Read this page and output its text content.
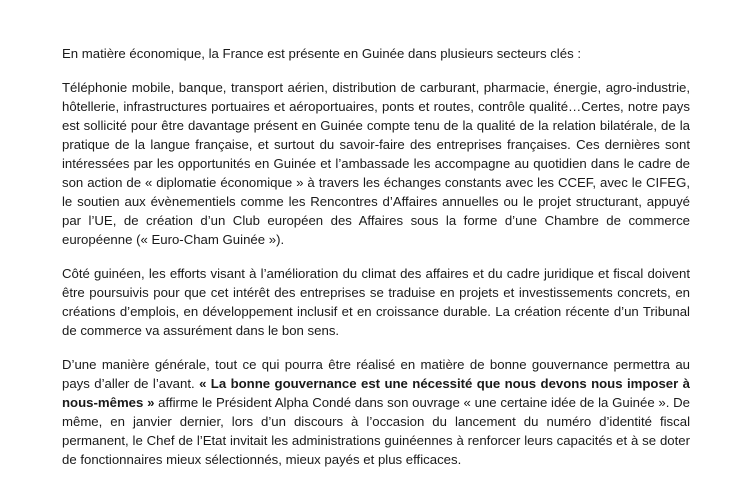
En matière économique, la France est présente en Guinée dans plusieurs secteurs clés :

Téléphonie mobile, banque, transport aérien, distribution de carburant, pharmacie, énergie, agro-industrie, hôtellerie, infrastructures portuaires et aéroportuaires, ponts et routes, contrôle qualité…Certes, notre pays est sollicité pour être davantage présent en Guinée compte tenu de la qualité de la relation bilatérale, de la pratique de la langue française, et surtout du savoir-faire des entreprises françaises. Ces dernières sont intéressées par les opportunités en Guinée et l’ambassade les accompagne au quotidien dans le cadre de son action de « diplomatie économique » à travers les échanges constants avec les CCEF, avec le CIFEG, le soutien aux évènementiels comme les Rencontres d’Affaires annuelles ou le projet structurant, appuyé par l’UE, de création d’un Club européen des Affaires sous la forme d’une Chambre de commerce européenne (« Euro-Cham Guinée »).

Côté guinéen, les efforts visant à l’amélioration du climat des affaires et du cadre juridique et fiscal doivent être poursuivis pour que cet intérêt des entreprises se traduise en projets et investissements concrets, en créations d’emplois, en développement inclusif et en croissance durable. La création récente d’un Tribunal de commerce va assurément dans le bon sens.

D’une manière générale, tout ce qui pourra être réalisé en matière de bonne gouvernance permettra au pays d’aller de l’avant. « La bonne gouvernance est une nécessité que nous devons nous imposer à nous-mêmes » affirme le Président Alpha Condé dans son ouvrage « une certaine idée de la Guinée ». De même, en janvier dernier, lors d’un discours à l’occasion du lancement du numéro d’identité fiscal permanent, le Chef de l’Etat invitait les administrations guinéennes à renforcer leurs capacités et à se doter de fonctionnaires mieux sélectionnés, mieux payés et plus efficaces.
